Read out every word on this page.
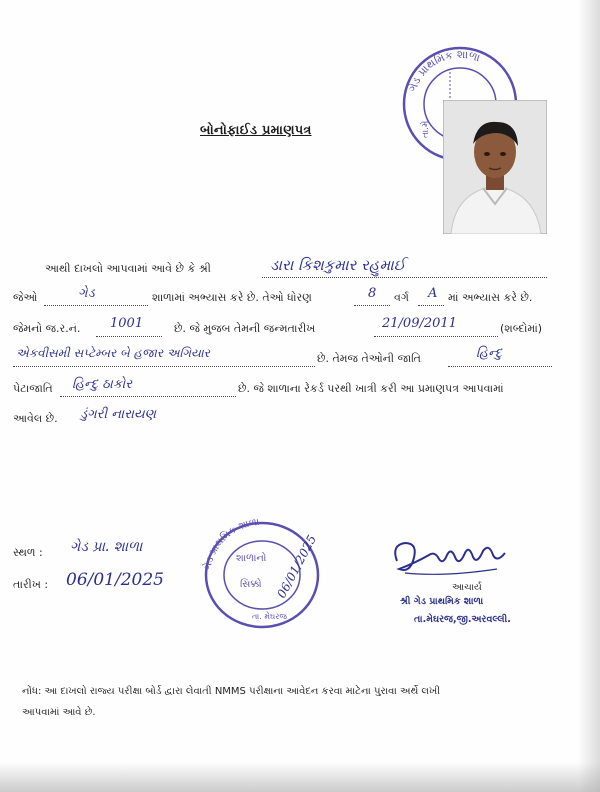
ગેડ પ્રાથમિક શાળા
તા.મે.
બોનોફાઈડ પ્રમાણપત્ર
આથી દાખલો આપવામાં આવે છે કે શ્રી	ડારા કિશકુમાર રહુમાઈ
જેઓ	ગેડ	શાળામાં અભ્યાસ કરે છે. તેઓ ધોરણ	8 વર્ગ A માં અભ્યાસ કરે છે.
જેમનો જ.ર.નં. 1001	છે. જે મુજબ તેમની જન્મતારીખ	21/09/2011	(શબ્દોમાં)
એકવીસમી સપ્ટેમ્બર બે હજાર અગિયાર	છે. તેમજ તેઓની જાતિ	હિન્દુ
પેટાજાતિ હિન્દુ ઠાકોર	છે. જે શાળાના રેકર્ડ પરથી ખાત્રી કરી આ પ્રમાણપત્ર આપવામાં
આવેલ છે. ડુંગરી નારાયણ
સ્થળ : ગેડ પ્રા. શાળા
તારીખ : 06/01/2025
ગેડ પ્રાથમિક શાળા
શાળાનો
સિક્કો
તા. મેઘરજ
06/01/2025	આચાર્ય
શ્રી ગેડ પ્રાથમિક શાળા
તા.મેઘરજ,જી.અરવલ્લી.
નોંધ: આ દાખલો રાજ્ય પરીક્ષા બોર્ડ દ્વારા લેવાતી NMMS પરીક્ષાના આવેદન કરવા માટેના પુરાવા અર્થે લખી
આપવામાં આવે છે.
